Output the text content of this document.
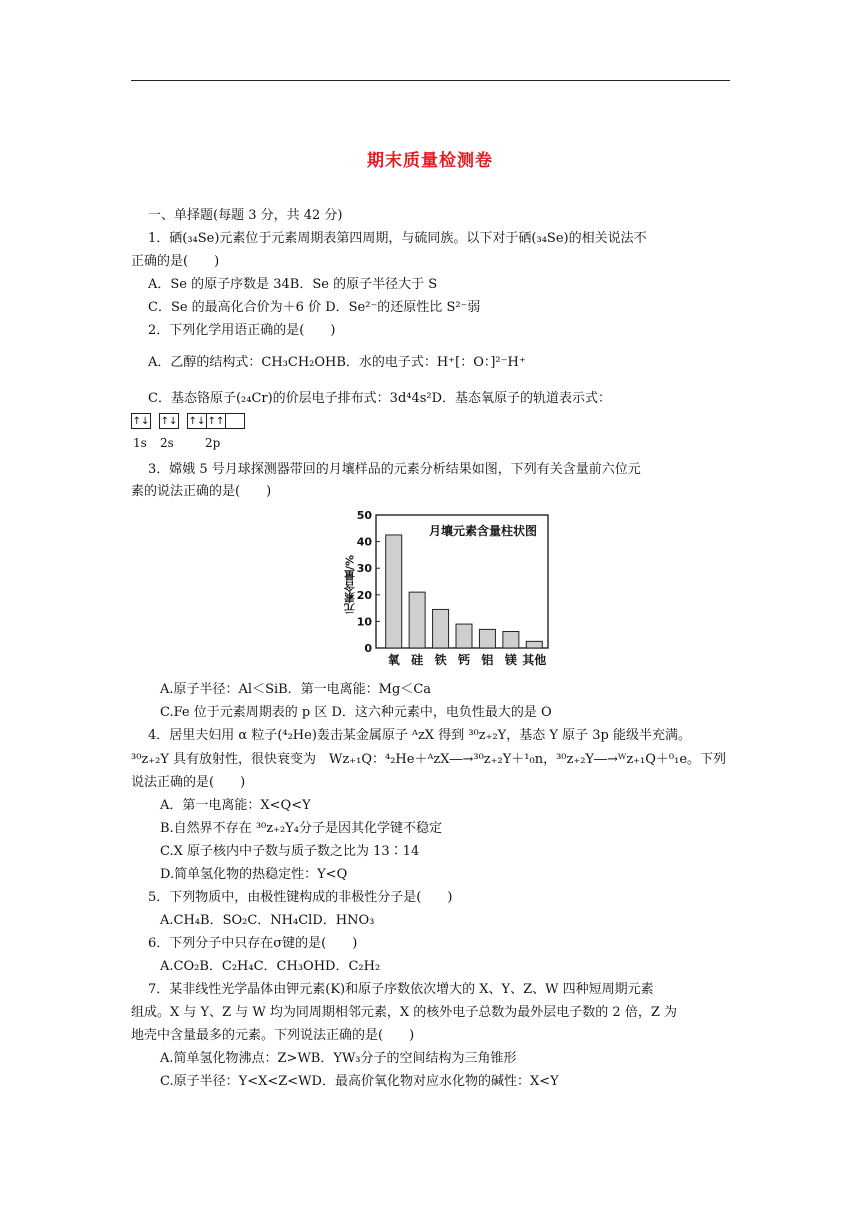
期末质量检测卷
一、单择题(每题 3 分，共 42 分)
1．硒(₃₄Se)元素位于元素周期表第四周期，与硫同族。以下对于硒(₃₄Se)的相关说法不
正确的是(　　)
A．Se 的原子序数是 34B．Se 的原子半径大于 S
C．Se 的最高化合价为＋6 价 D．Se²⁻的还原性比 S²⁻弱
2．下列化学用语正确的是(　　)
A．乙醇的结构式：CH₃CH₂OHB．水的电子式：H⁺[：O：]²⁻H⁺
C．基态铬原子(₂₄Cr)的价层电子排布式：3d⁴4s²D．基态氧原子的轨道表示式：
↑↓ ↑↓ ↑↓ ↑↑
1s 2s	2p
3．嫦娥 5 号月球探测器带回的月壤样品的元素分析结果如图，下列有关含量前六位元
素的说法正确的是(　　)
0
10
20
30
40
50
元素含量/%
月壤元素含量柱状图
氧 硅 铁 钙 铝 镁 其他
A.原子半径：Al＜SiB．第一电离能：Mg＜Ca
C.Fe 位于元素周期表的 p 区 D．这六种元素中，电负性最大的是 O
4．居里夫妇用 α 粒子(⁴₂He)轰击某金属原子 ᴬᴢX 得到 ³⁰ᴢ₊₂Y，基态 Y 原子 3p 能级半充满。
³⁰ᴢ₊₂Y 具有放射性，很快衰变为　Wᴢ₊₁Q：⁴₂He＋ᴬᴢX―→³⁰ᴢ₊₂Y＋¹₀n，³⁰ᴢ₊₂Y―→ᵂᴢ₊₁Q＋⁰₁e。下列
说法正确的是(　　)
A．第一电离能：X<Q<Y
B.自然界不存在 ³⁰ᴢ₊₂Y₄分子是因其化学键不稳定
C.X 原子核内中子数与质子数之比为 13∶14
D.简单氢化物的热稳定性：Y<Q
5．下列物质中，由极性键构成的非极性分子是(　　)
A.CH₄B．SO₂C．NH₄ClD．HNO₃
6．下列分子中只存在σ键的是(　　)
A.CO₂B．C₂H₄C．CH₃OHD．C₂H₂
7．某非线性光学晶体由钾元素(K)和原子序数依次增大的 X、Y、Z、W 四种短周期元素
组成。X 与 Y、Z 与 W 均为同周期相邻元素，X 的核外电子总数为最外层电子数的 2 倍，Z 为
地壳中含量最多的元素。下列说法正确的是(　　)
A.简单氢化物沸点：Z>WB．YW₃分子的空间结构为三角锥形
C.原子半径：Y<X<Z<WD．最高价氧化物对应水化物的碱性：X<Y
